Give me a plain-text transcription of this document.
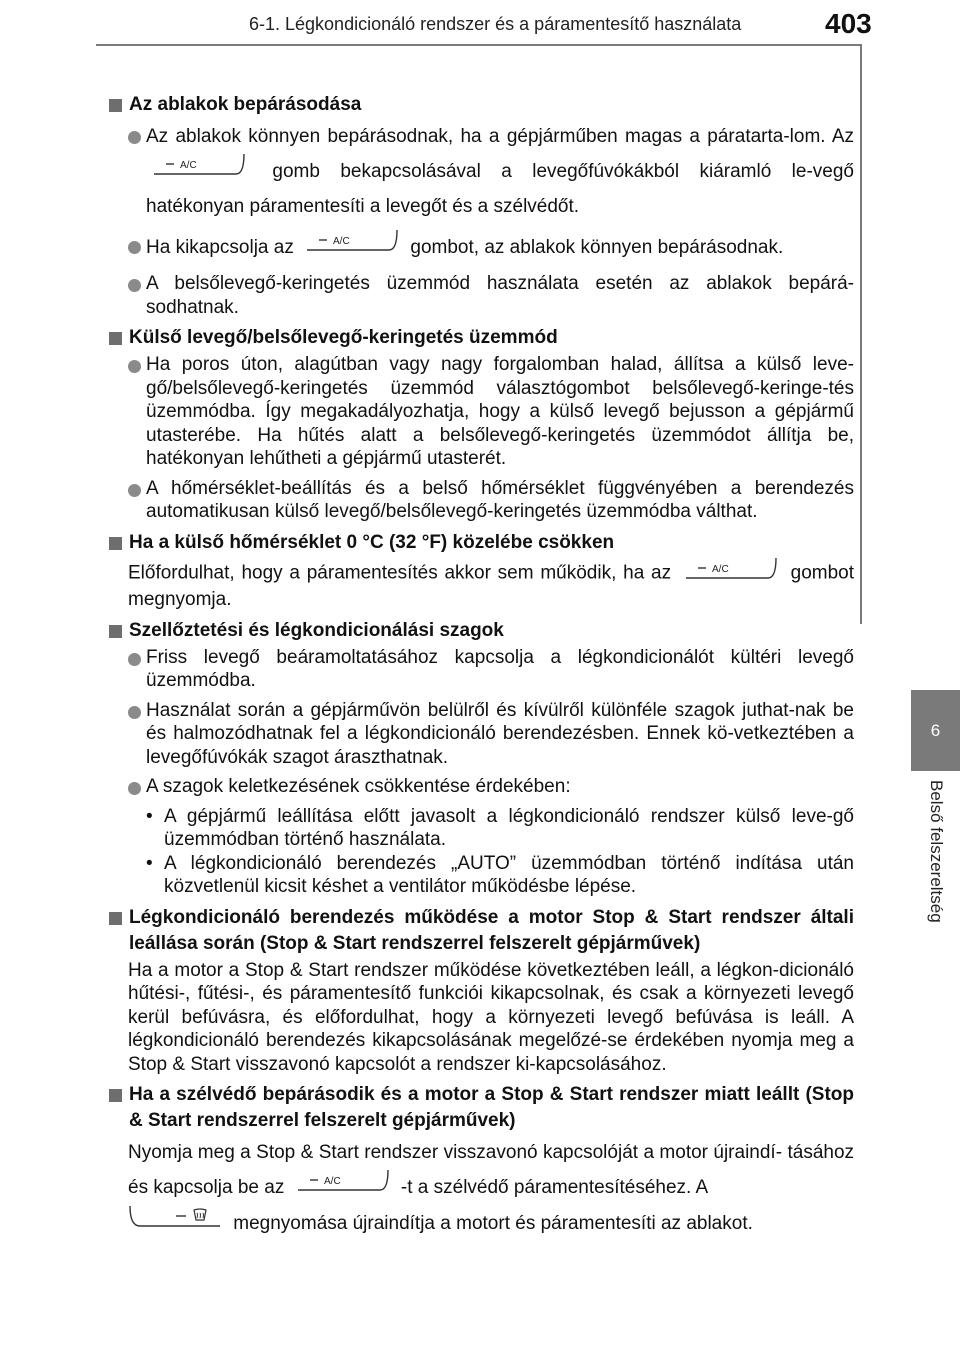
6-1. Légkondicionáló rendszer és a páramentesítő használata	403
6
Belső felszereltség
Az ablakok bepárásodása
Az ablakok könnyen bepárásodnak, ha a gépjárműben magas a páratarta-lom. Az
A/C	gomb bekapcsolásával a levegőfúvókákból kiáramló le-vegő hatékonyan páramentesíti a levegőt és a szélvédőt.
Ha kikapcsolja az	A/C	gombot, az ablakok könnyen bepárásodnak.
A belsőlevegő-keringetés üzemmód használata esetén az ablakok bepárá-sodhatnak.
Külső levegő/belsőlevegő-keringetés üzemmód
Ha poros úton, alagútban vagy nagy forgalomban halad, állítsa a külső leve-gő/belsőlevegő-keringetés üzemmód választógombot belsőlevegő-keringe-tés üzemmódba. Így megakadályozhatja, hogy a külső levegő bejusson a gépjármű utasterébe. Ha hűtés alatt a belsőlevegő-keringetés üzemmódot állítja be, hatékonyan lehűtheti a gépjármű utasterét.
A hőmérséklet-beállítás és a belső hőmérséklet függvényében a berendezés automatikusan külső levegő/belsőlevegő-keringetés üzemmódba válthat.
Ha a külső hőmérséklet 0 °C (32 °F) közelébe csökken
Előfordulhat, hogy a páramentesítés akkor sem működik, ha az	A/C	gombot megnyomja.
Szellőztetési és légkondicionálási szagok
Friss levegő beáramoltatásához kapcsolja a légkondicionálót kültéri levegő üzemmódba.
Használat során a gépjárművön belülről és kívülről különféle szagok juthat-nak be és halmozódhatnak fel a légkondicionáló berendezésben. Ennek kö-vetkeztében a levegőfúvókák szagot áraszthatnak.
A szagok keletkezésének csökkentése érdekében:
• A gépjármű leállítása előtt javasolt a légkondicionáló rendszer külső leve-gő üzemmódban történő használata.
• A légkondicionáló berendezés „AUTO” üzemmódban történő indítása után közvetlenül kicsit késhet a ventilátor működésbe lépése.
Légkondicionáló berendezés működése a motor Stop & Start rendszer általi leállása során (Stop & Start rendszerrel felszerelt gépjárművek)
Ha a motor a Stop & Start rendszer működése következtében leáll, a légkon-dicionáló hűtési-, fűtési-, és páramentesítő funkciói kikapcsolnak, és csak a környezeti levegő kerül befúvásra, és előfordulhat, hogy a környezeti levegő befúvása is leáll. A légkondicionáló berendezés kikapcsolásának megelőzé-se érdekében nyomja meg a Stop & Start visszavonó kapcsolót a rendszer ki-kapcsolásához.
Ha a szélvédő bepárásodik és a motor a Stop & Start rendszer miatt leállt (Stop & Start rendszerrel felszerelt gépjárművek)
Nyomja meg a Stop & Start rendszer visszavonó kapcsolóját a motor újraindí- tásához és kapcsolja be az	A/C	-t a szélvédő páramentesítéséhez. A
megnyomása újraindítja a motort és páramentesíti az ablakot.
